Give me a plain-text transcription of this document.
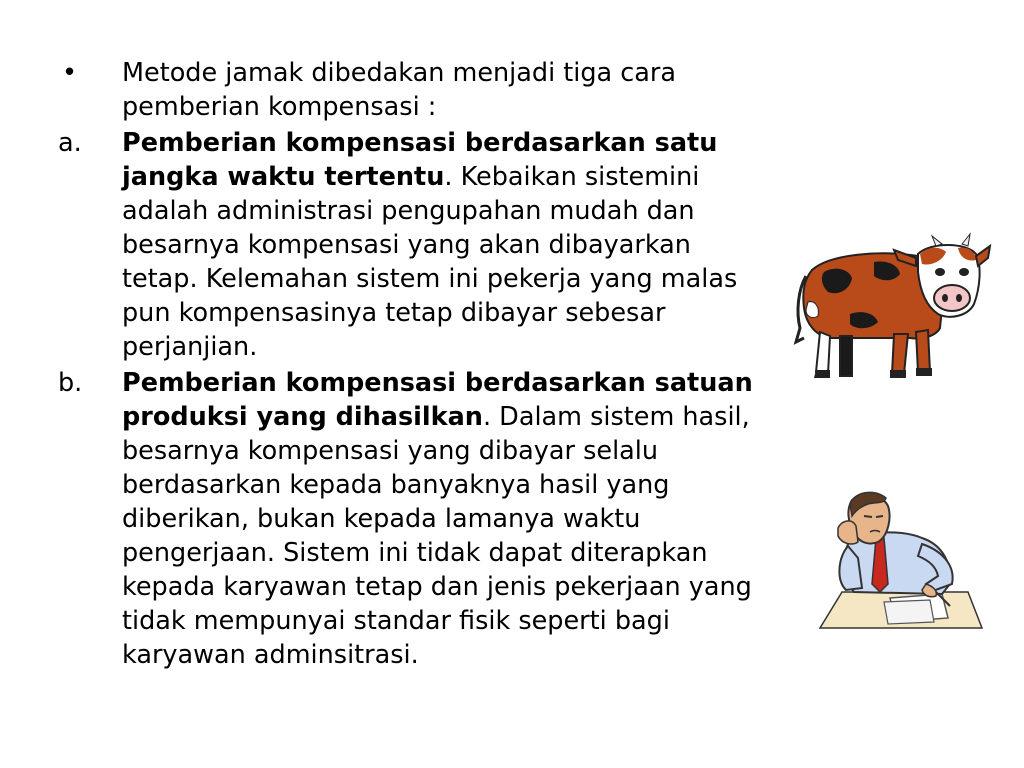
•	Metode jamak dibedakan menjadi tiga cara pemberian kompensasi :
a.	Pemberian kompensasi berdasarkan satu jangka waktu tertentu. Kebaikan sistemini adalah administrasi pengupahan mudah dan besarnya kompensasi yang akan dibayarkan tetap. Kelemahan sistem ini pekerja yang malas pun kompensasinya tetap dibayar sebesar perjanjian.
b.	Pemberian kompensasi berdasarkan satuan produksi yang dihasilkan. Dalam sistem hasil, besarnya kompensasi yang dibayar selalu berdasarkan kepada banyaknya hasil yang diberikan, bukan kepada lamanya waktu pengerjaan. Sistem ini tidak dapat diterapkan kepada karyawan tetap dan jenis pekerjaan yang tidak mempunyai standar fisik seperti bagi karyawan adminsitrasi.
